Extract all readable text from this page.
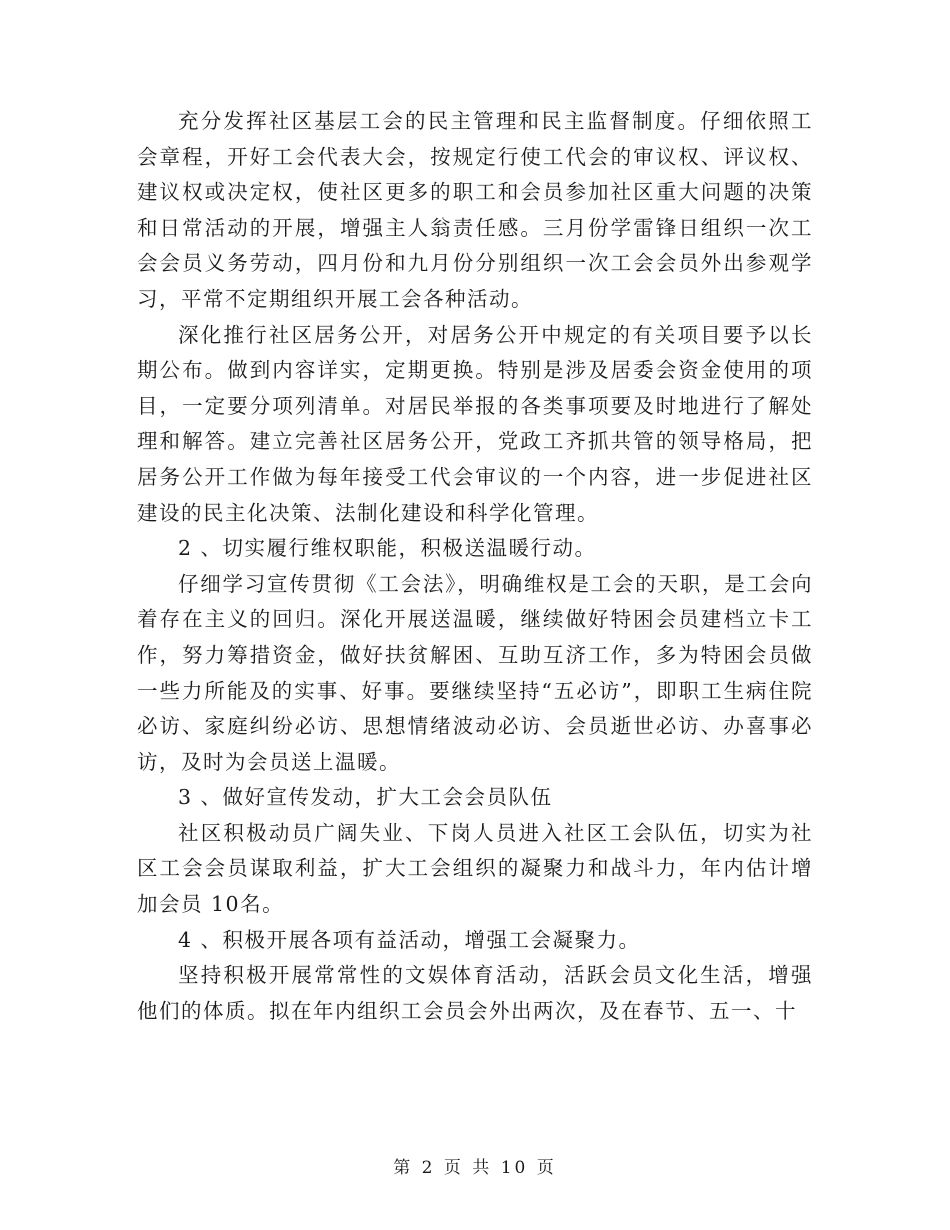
充分发挥社区基层工会的民主管理和民主监督制度。仔细依照工会章程，开好工会代表大会，按规定行使工代会的审议权、评议权、建议权或决定权，使社区更多的职工和会员参加社区重大问题的决策和日常活动的开展，增强主人翁责任感。三月份学雷锋日组织一次工会会员义务劳动，四月份和九月份分别组织一次工会会员外出参观学习，平常不定期组织开展工会各种活动。

深化推行社区居务公开，对居务公开中规定的有关项目要予以长期公布。做到内容详实，定期更换。特别是涉及居委会资金使用的项目，一定要分项列清单。对居民举报的各类事项要及时地进行了解处理和解答。建立完善社区居务公开，党政工齐抓共管的领导格局，把居务公开工作做为每年接受工代会审议的一个内容，进一步促进社区建设的民主化决策、法制化建设和科学化管理。

2 、切实履行维权职能，积极送温暖行动。

仔细学习宣传贯彻《工会法》，明确维权是工会的天职，是工会向着存在主义的回归。深化开展送温暖，继续做好特困会员建档立卡工作，努力筹措资金，做好扶贫解困、互助互济工作，多为特困会员做一些力所能及的实事、好事。要继续坚持“五必访”，即职工生病住院必访、家庭纠纷必访、思想情绪波动必访、会员逝世必访、办喜事必访，及时为会员送上温暖。

3 、做好宣传发动，扩大工会会员队伍

社区积极动员广阔失业、下岗人员进入社区工会队伍，切实为社区工会会员谋取利益，扩大工会组织的凝聚力和战斗力，年内估计增加会员 10名。

4 、积极开展各项有益活动，增强工会凝聚力。

坚持积极开展常常性的文娱体育活动，活跃会员文化生活，增强他们的体质。拟在年内组织工会员会外出两次，及在春节、五一、十

第 2 页 共 10 页
